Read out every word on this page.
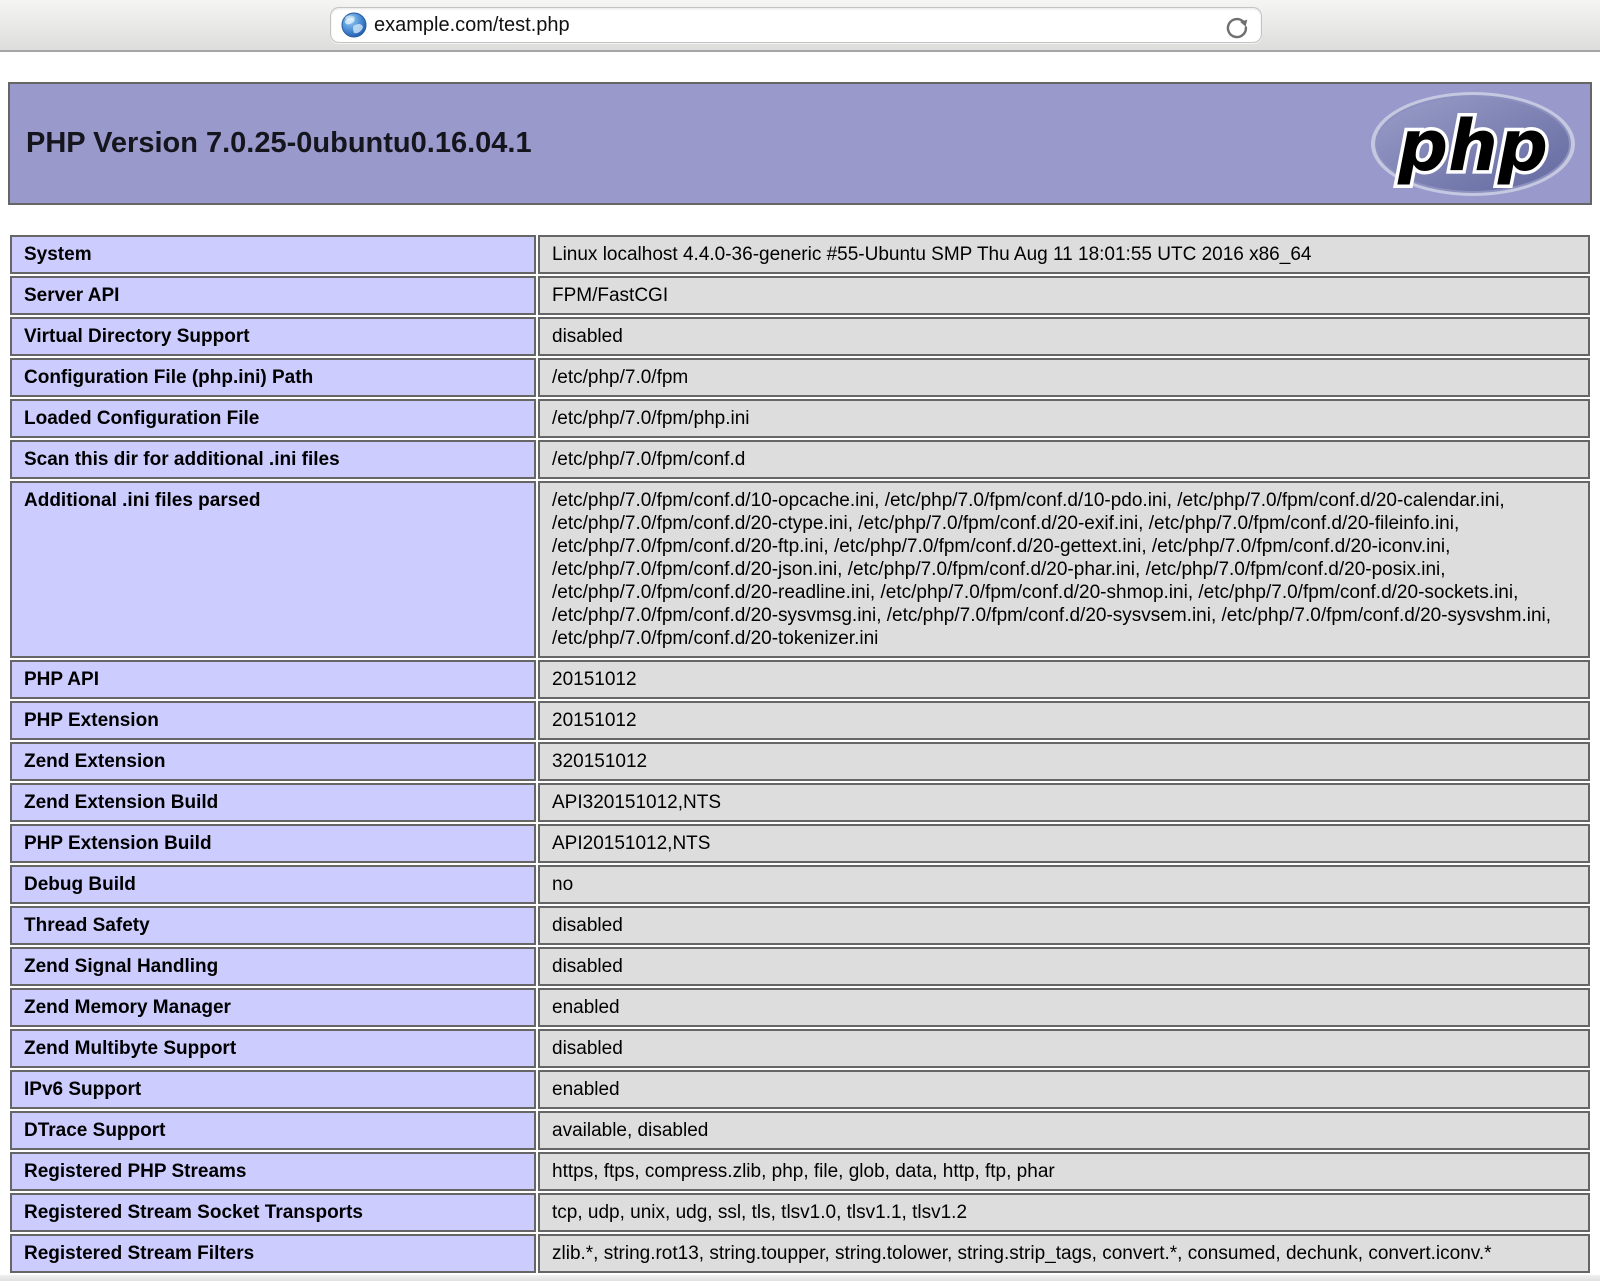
example.com/test.php
PHP Version 7.0.25-0ubuntu0.16.04.1	php
System	Linux localhost 4.4.0-36-generic #55-Ubuntu SMP Thu Aug 11 18:01:55 UTC 2016 x86_64
Server API	FPM/FastCGI
Virtual Directory Support	disabled
Configuration File (php.ini) Path	/etc/php/7.0/fpm
Loaded Configuration File	/etc/php/7.0/fpm/php.ini
Scan this dir for additional .ini files	/etc/php/7.0/fpm/conf.d
Additional .ini files parsed	/etc/php/7.0/fpm/conf.d/10-opcache.ini, /etc/php/7.0/fpm/conf.d/10-pdo.ini, /etc/php/7.0/fpm/conf.d/20-calendar.ini, /etc/php/7.0/fpm/conf.d/20-ctype.ini, /etc/php/7.0/fpm/conf.d/20-exif.ini, /etc/php/7.0/fpm/conf.d/20-fileinfo.ini, /etc/php/7.0/fpm/conf.d/20-ftp.ini, /etc/php/7.0/fpm/conf.d/20-gettext.ini, /etc/php/7.0/fpm/conf.d/20-iconv.ini, /etc/php/7.0/fpm/conf.d/20-json.ini, /etc/php/7.0/fpm/conf.d/20-phar.ini, /etc/php/7.0/fpm/conf.d/20-posix.ini, /etc/php/7.0/fpm/conf.d/20-readline.ini, /etc/php/7.0/fpm/conf.d/20-shmop.ini, /etc/php/7.0/fpm/conf.d/20-sockets.ini, /etc/php/7.0/fpm/conf.d/20-sysvmsg.ini, /etc/php/7.0/fpm/conf.d/20-sysvsem.ini, /etc/php/7.0/fpm/conf.d/20-sysvshm.ini, /etc/php/7.0/fpm/conf.d/20-tokenizer.ini
PHP API	20151012
PHP Extension	20151012
Zend Extension	320151012
Zend Extension Build	API320151012,NTS
PHP Extension Build	API20151012,NTS
Debug Build	no
Thread Safety	disabled
Zend Signal Handling	disabled
Zend Memory Manager	enabled
Zend Multibyte Support	disabled
IPv6 Support	enabled
DTrace Support	available, disabled
Registered PHP Streams	https, ftps, compress.zlib, php, file, glob, data, http, ftp, phar
Registered Stream Socket Transports	tcp, udp, unix, udg, ssl, tls, tlsv1.0, tlsv1.1, tlsv1.2
Registered Stream Filters	zlib.*, string.rot13, string.toupper, string.tolower, string.strip_tags, convert.*, consumed, dechunk, convert.iconv.*
